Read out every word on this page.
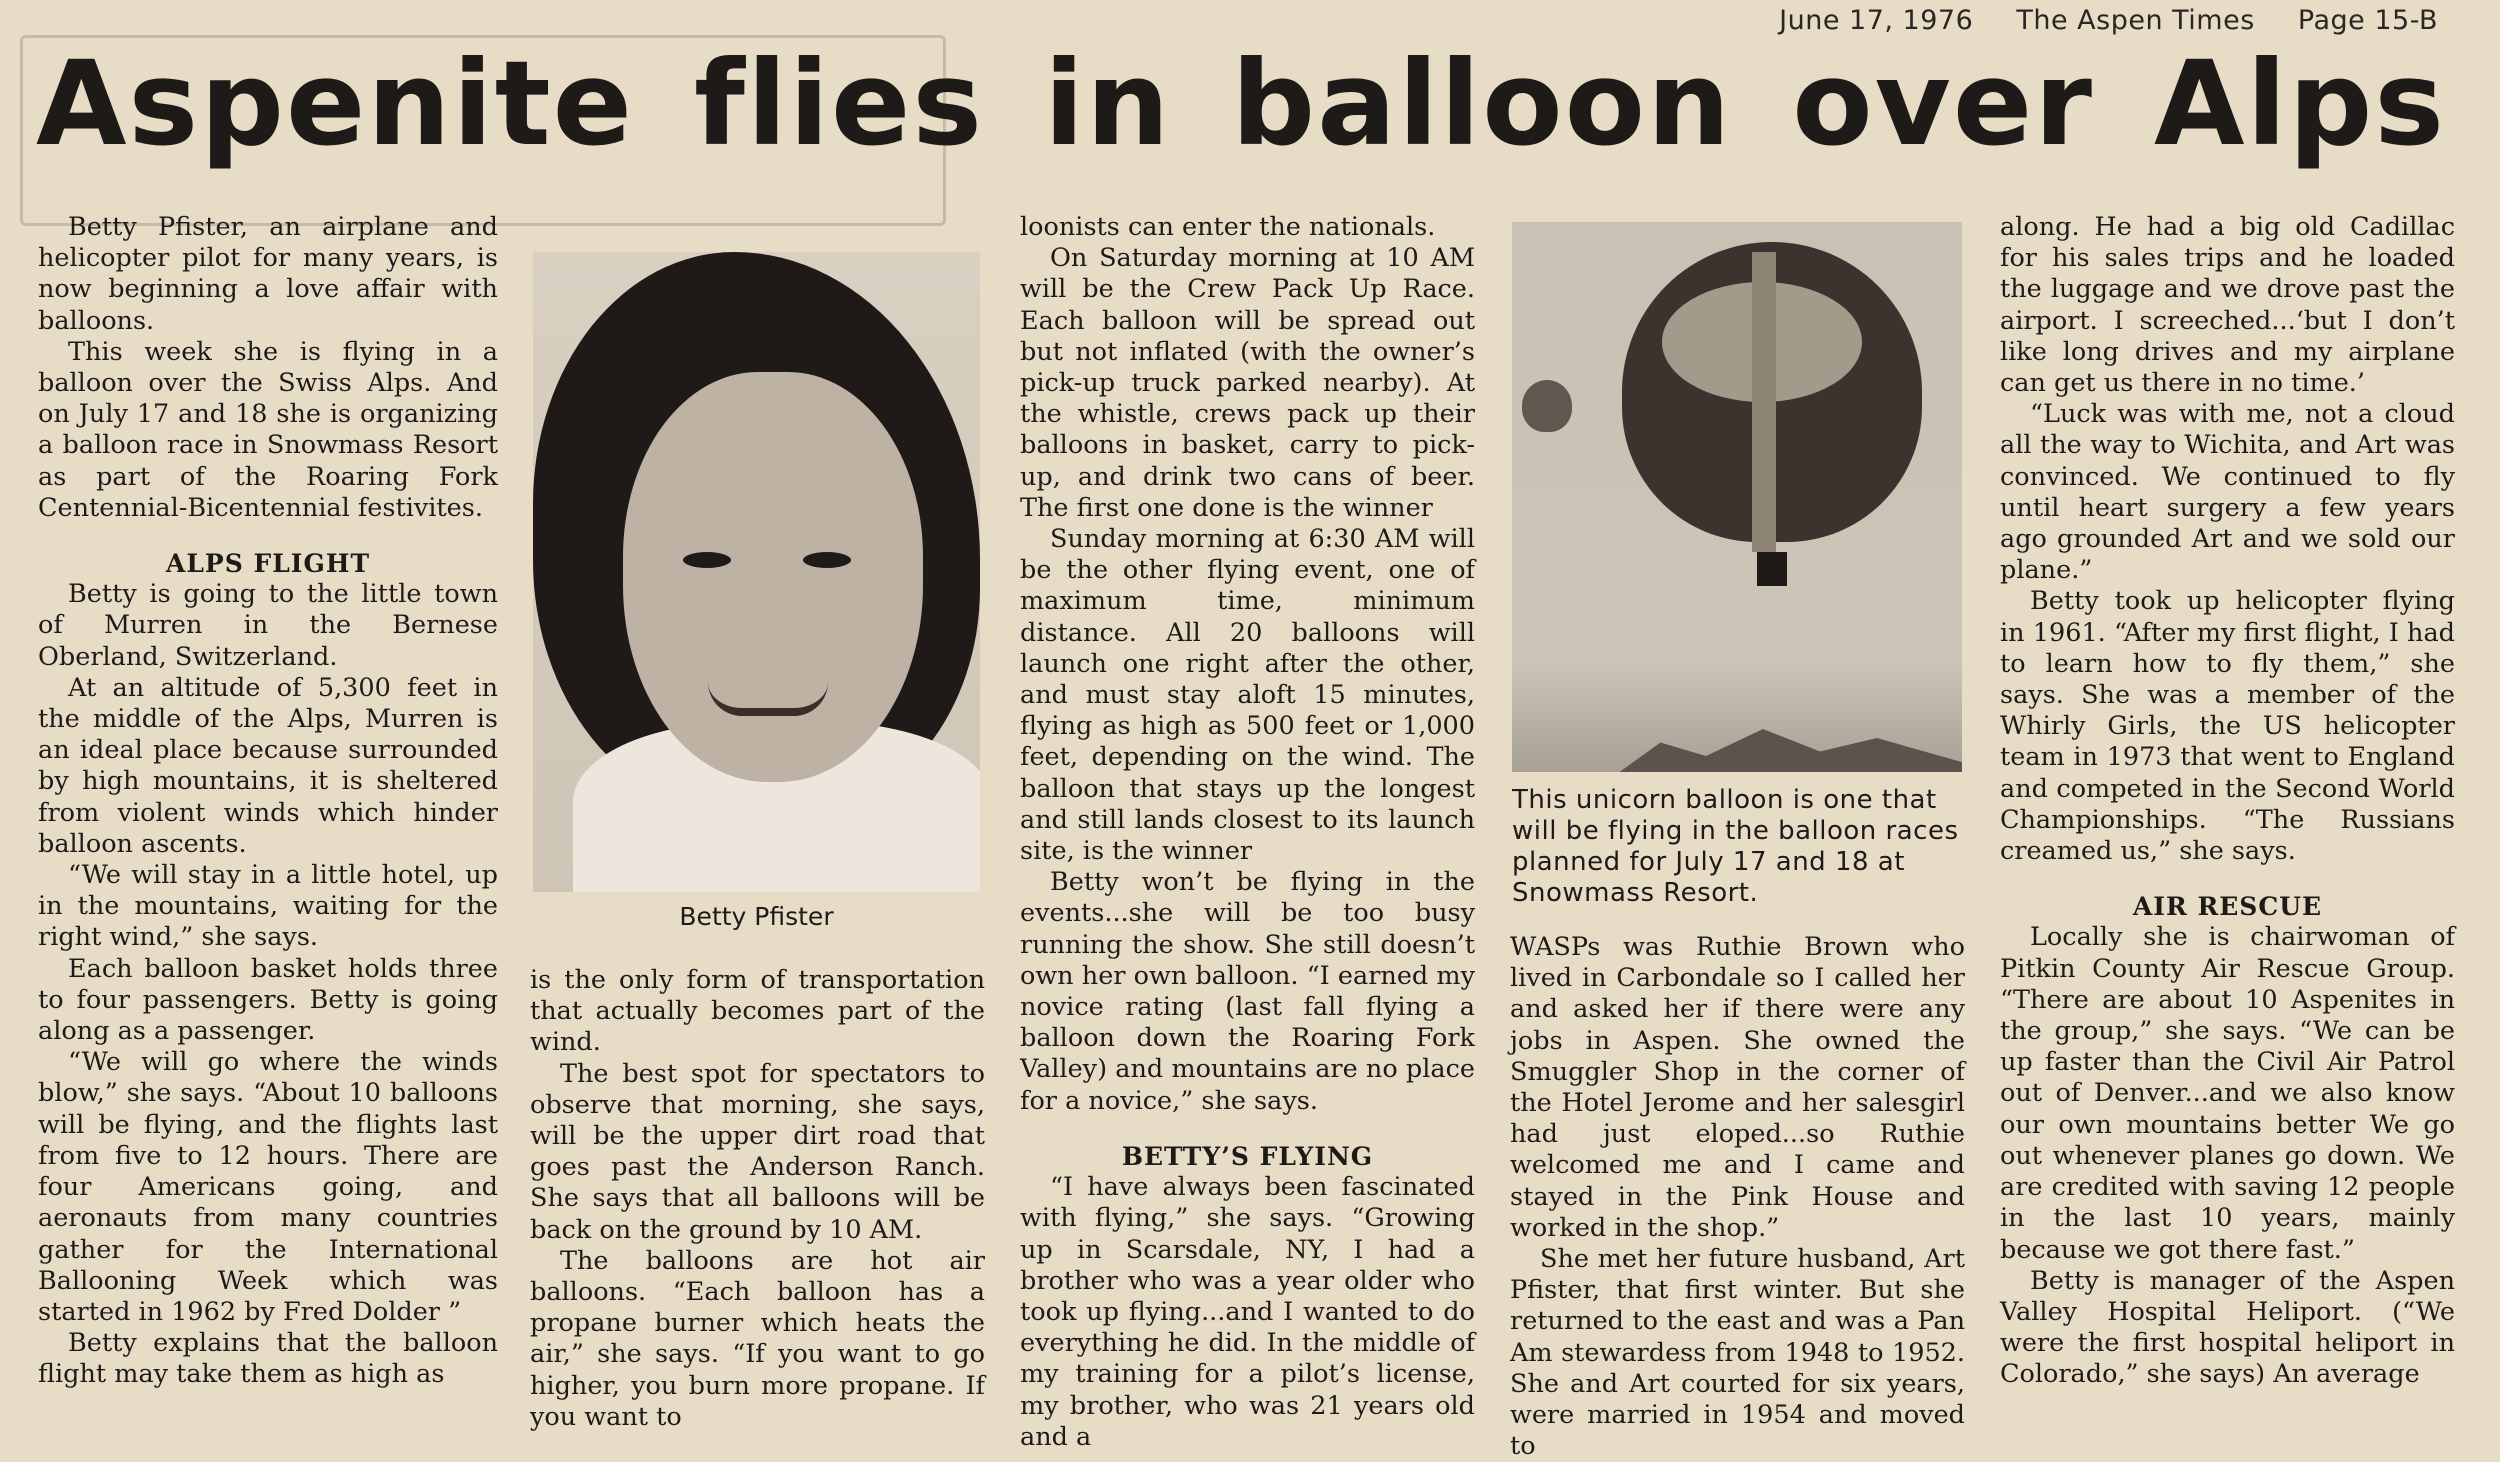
June 17, 1976 The Aspen Times Page 15-B
Aspenite flies in balloon over Alps

Betty Pfister, an airplane and helicopter pilot for many years, is now beginning a love affair with balloons.

This week she is flying in a balloon over the Swiss Alps. And on July 17 and 18 she is organizing a balloon race in Snowmass Resort as part of the Roaring Fork Centennial-Bicentennial festivites.

ALPS FLIGHT

Betty is going to the little town of Murren in the Bernese Oberland, Switzerland.

At an altitude of 5,300 feet in the middle of the Alps, Murren is an ideal place because surrounded by high mountains, it is sheltered from violent winds which hinder balloon ascents.

“We will stay in a little hotel, up in the mountains, waiting for the right wind,” she says.

Each balloon basket holds three to four passengers. Betty is going along as a passenger.

“We will go where the winds blow,” she says. “About 10 balloons will be flying, and the flights last from five to 12 hours. There are four Americans going, and aeronauts from many countries gather for the International Ballooning Week which was started in 1962 by Fred Dolder ”

Betty explains that the balloon flight may take them as high as

Betty Pfister

is the only form of transportation that actually becomes part of the wind.

The best spot for spectators to observe that morning, she says, will be the upper dirt road that goes past the Anderson Ranch. She says that all balloons will be back on the ground by 10 AM.

The balloons are hot air balloons. “Each balloon has a propane burner which heats the air,” she says. “If you want to go higher, you burn more propane. If you want to

loonists can enter the nationals.

On Saturday morning at 10 AM will be the Crew Pack Up Race. Each balloon will be spread out but not inflated (with the owner’s pick-up truck parked nearby). At the whistle, crews pack up their balloons in basket, carry to pick-up, and drink two cans of beer. The first one done is the winner

Sunday morning at 6:30 AM will be the other flying event, one of maximum time, minimum distance. All 20 balloons will launch one right after the other, and must stay aloft 15 minutes, flying as high as 500 feet or 1,000 feet, depending on the wind. The balloon that stays up the longest and still lands closest to its launch site, is the winner

Betty won’t be flying in the events...she will be too busy running the show. She still doesn’t own her own balloon. “I earned my novice rating (last fall flying a balloon down the Roaring Fork Valley) and mountains are no place for a novice,” she says.

BETTY’S FLYING

“I have always been fascinated with flying,” she says. “Growing up in Scarsdale, NY, I had a brother who was a year older who took up flying...and I wanted to do everything he did. In the middle of my training for a pilot’s license, my brother, who was 21 years old and a

This unicorn balloon is one that will be flying in the balloon races planned for July 17 and 18 at Snowmass Resort.

WASPs was Ruthie Brown who lived in Carbondale so I called her and asked her if there were any jobs in Aspen. She owned the Smuggler Shop in the corner of the Hotel Jerome and her salesgirl had just eloped...so Ruthie welcomed me and I came and stayed in the Pink House and worked in the shop.”

She met her future husband, Art Pfister, that first winter. But she returned to the east and was a Pan Am stewardess from 1948 to 1952. She and Art courted for six years, were married in 1954 and moved to

along. He had a big old Cadillac for his sales trips and he loaded the luggage and we drove past the airport. I screeched...‘but I don’t like long drives and my airplane can get us there in no time.’

“Luck was with me, not a cloud all the way to Wichita, and Art was convinced. We continued to fly until heart surgery a few years ago grounded Art and we sold our plane.”

Betty took up helicopter flying in 1961. “After my first flight, I had to learn how to fly them,” she says. She was a member of the Whirly Girls, the US helicopter team in 1973 that went to England and competed in the Second World Championships. “The Russians creamed us,” she says.

AIR RESCUE

Locally she is chairwoman of Pitkin County Air Rescue Group. “There are about 10 Aspenites in the group,” she says. “We can be up faster than the Civil Air Patrol out of Denver...and we also know our own mountains better We go out whenever planes go down. We are credited with saving 12 people in the last 10 years, mainly because we got there fast.”

Betty is manager of the Aspen Valley Hospital Heliport. (“We were the first hospital heliport in Colorado,” she says) An average
